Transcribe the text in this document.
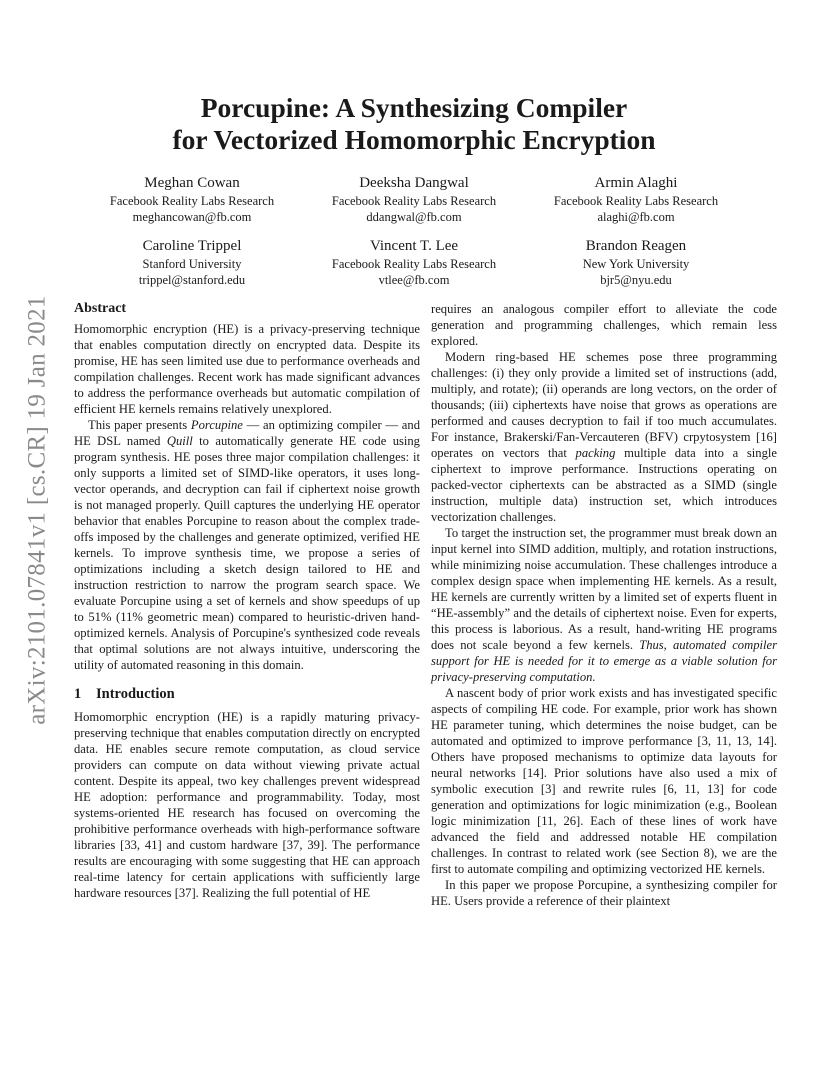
arXiv:2101.07841v1 [cs.CR] 19 Jan 2021
Porcupine: A Synthesizing Compiler
for Vectorized Homomorphic Encryption
Meghan Cowan
Facebook Reality Labs Research
meghancowan@fb.com
Deeksha Dangwal
Facebook Reality Labs Research
ddangwal@fb.com
Armin Alaghi
Facebook Reality Labs Research
alaghi@fb.com
Caroline Trippel
Stanford University
trippel@stanford.edu
Vincent T. Lee
Facebook Reality Labs Research
vtlee@fb.com
Brandon Reagen
New York University
bjr5@nyu.edu
Abstract

Homomorphic encryption (HE) is a privacy-preserving technique that enables computation directly on encrypted data. Despite its promise, HE has seen limited use due to performance overheads and compilation challenges. Recent work has made significant advances to address the performance overheads but automatic compilation of efficient HE kernels remains relatively unexplored.

This paper presents Porcupine — an optimizing compiler — and HE DSL named Quill to automatically generate HE code using program synthesis. HE poses three major compilation challenges: it only supports a limited set of SIMD-like operators, it uses long-vector operands, and decryption can fail if ciphertext noise growth is not managed properly. Quill captures the underlying HE operator behavior that enables Porcupine to reason about the complex trade-offs imposed by the challenges and generate optimized, verified HE kernels. To improve synthesis time, we propose a series of optimizations including a sketch design tailored to HE and instruction restriction to narrow the program search space. We evaluate Porcupine using a set of kernels and show speedups of up to 51% (11% geometric mean) compared to heuristic-driven hand-optimized kernels. Analysis of Porcupine's synthesized code reveals that optimal solutions are not always intuitive, underscoring the utility of automated reasoning in this domain.

1 Introduction

Homomorphic encryption (HE) is a rapidly maturing privacy-preserving technique that enables computation directly on encrypted data. HE enables secure remote computation, as cloud service providers can compute on data without viewing private actual content. Despite its appeal, two key challenges prevent widespread HE adoption: performance and programmability. Today, most systems-oriented HE research has focused on overcoming the prohibitive performance overheads with high-performance software libraries [33, 41] and custom hardware [37, 39]. The performance results are encouraging with some suggesting that HE can approach real-time latency for certain applications with sufficiently large hardware resources [37]. Realizing the full potential of HE

requires an analogous compiler effort to alleviate the code generation and programming challenges, which remain less explored.

Modern ring-based HE schemes pose three programming challenges: (i) they only provide a limited set of instructions (add, multiply, and rotate); (ii) operands are long vectors, on the order of thousands; (iii) ciphertexts have noise that grows as operations are performed and causes decryption to fail if too much accumulates. For instance, Brakerski/Fan-Vercauteren (BFV) crpytosystem [16] operates on vectors that packing multiple data into a single ciphertext to improve performance. Instructions operating on packed-vector ciphertexts can be abstracted as a SIMD (single instruction, multiple data) instruction set, which introduces vectorization challenges.

To target the instruction set, the programmer must break down an input kernel into SIMD addition, multiply, and rotation instructions, while minimizing noise accumulation. These challenges introduce a complex design space when implementing HE kernels. As a result, HE kernels are currently written by a limited set of experts fluent in “HE-assembly” and the details of ciphertext noise. Even for experts, this process is laborious. As a result, hand-writing HE programs does not scale beyond a few kernels. Thus, automated compiler support for HE is needed for it to emerge as a viable solution for privacy-preserving computation.

A nascent body of prior work exists and has investigated specific aspects of compiling HE code. For example, prior work has shown HE parameter tuning, which determines the noise budget, can be automated and optimized to improve performance [3, 11, 13, 14]. Others have proposed mechanisms to optimize data layouts for neural networks [14]. Prior solutions have also used a mix of symbolic execution [3] and rewrite rules [6, 11, 13] for code generation and optimizations for logic minimization (e.g., Boolean logic minimization [11, 26]. Each of these lines of work have advanced the field and addressed notable HE compilation challenges. In contrast to related work (see Section 8), we are the first to automate compiling and optimizing vectorized HE kernels.

In this paper we propose Porcupine, a synthesizing compiler for HE. Users provide a reference of their plaintext
